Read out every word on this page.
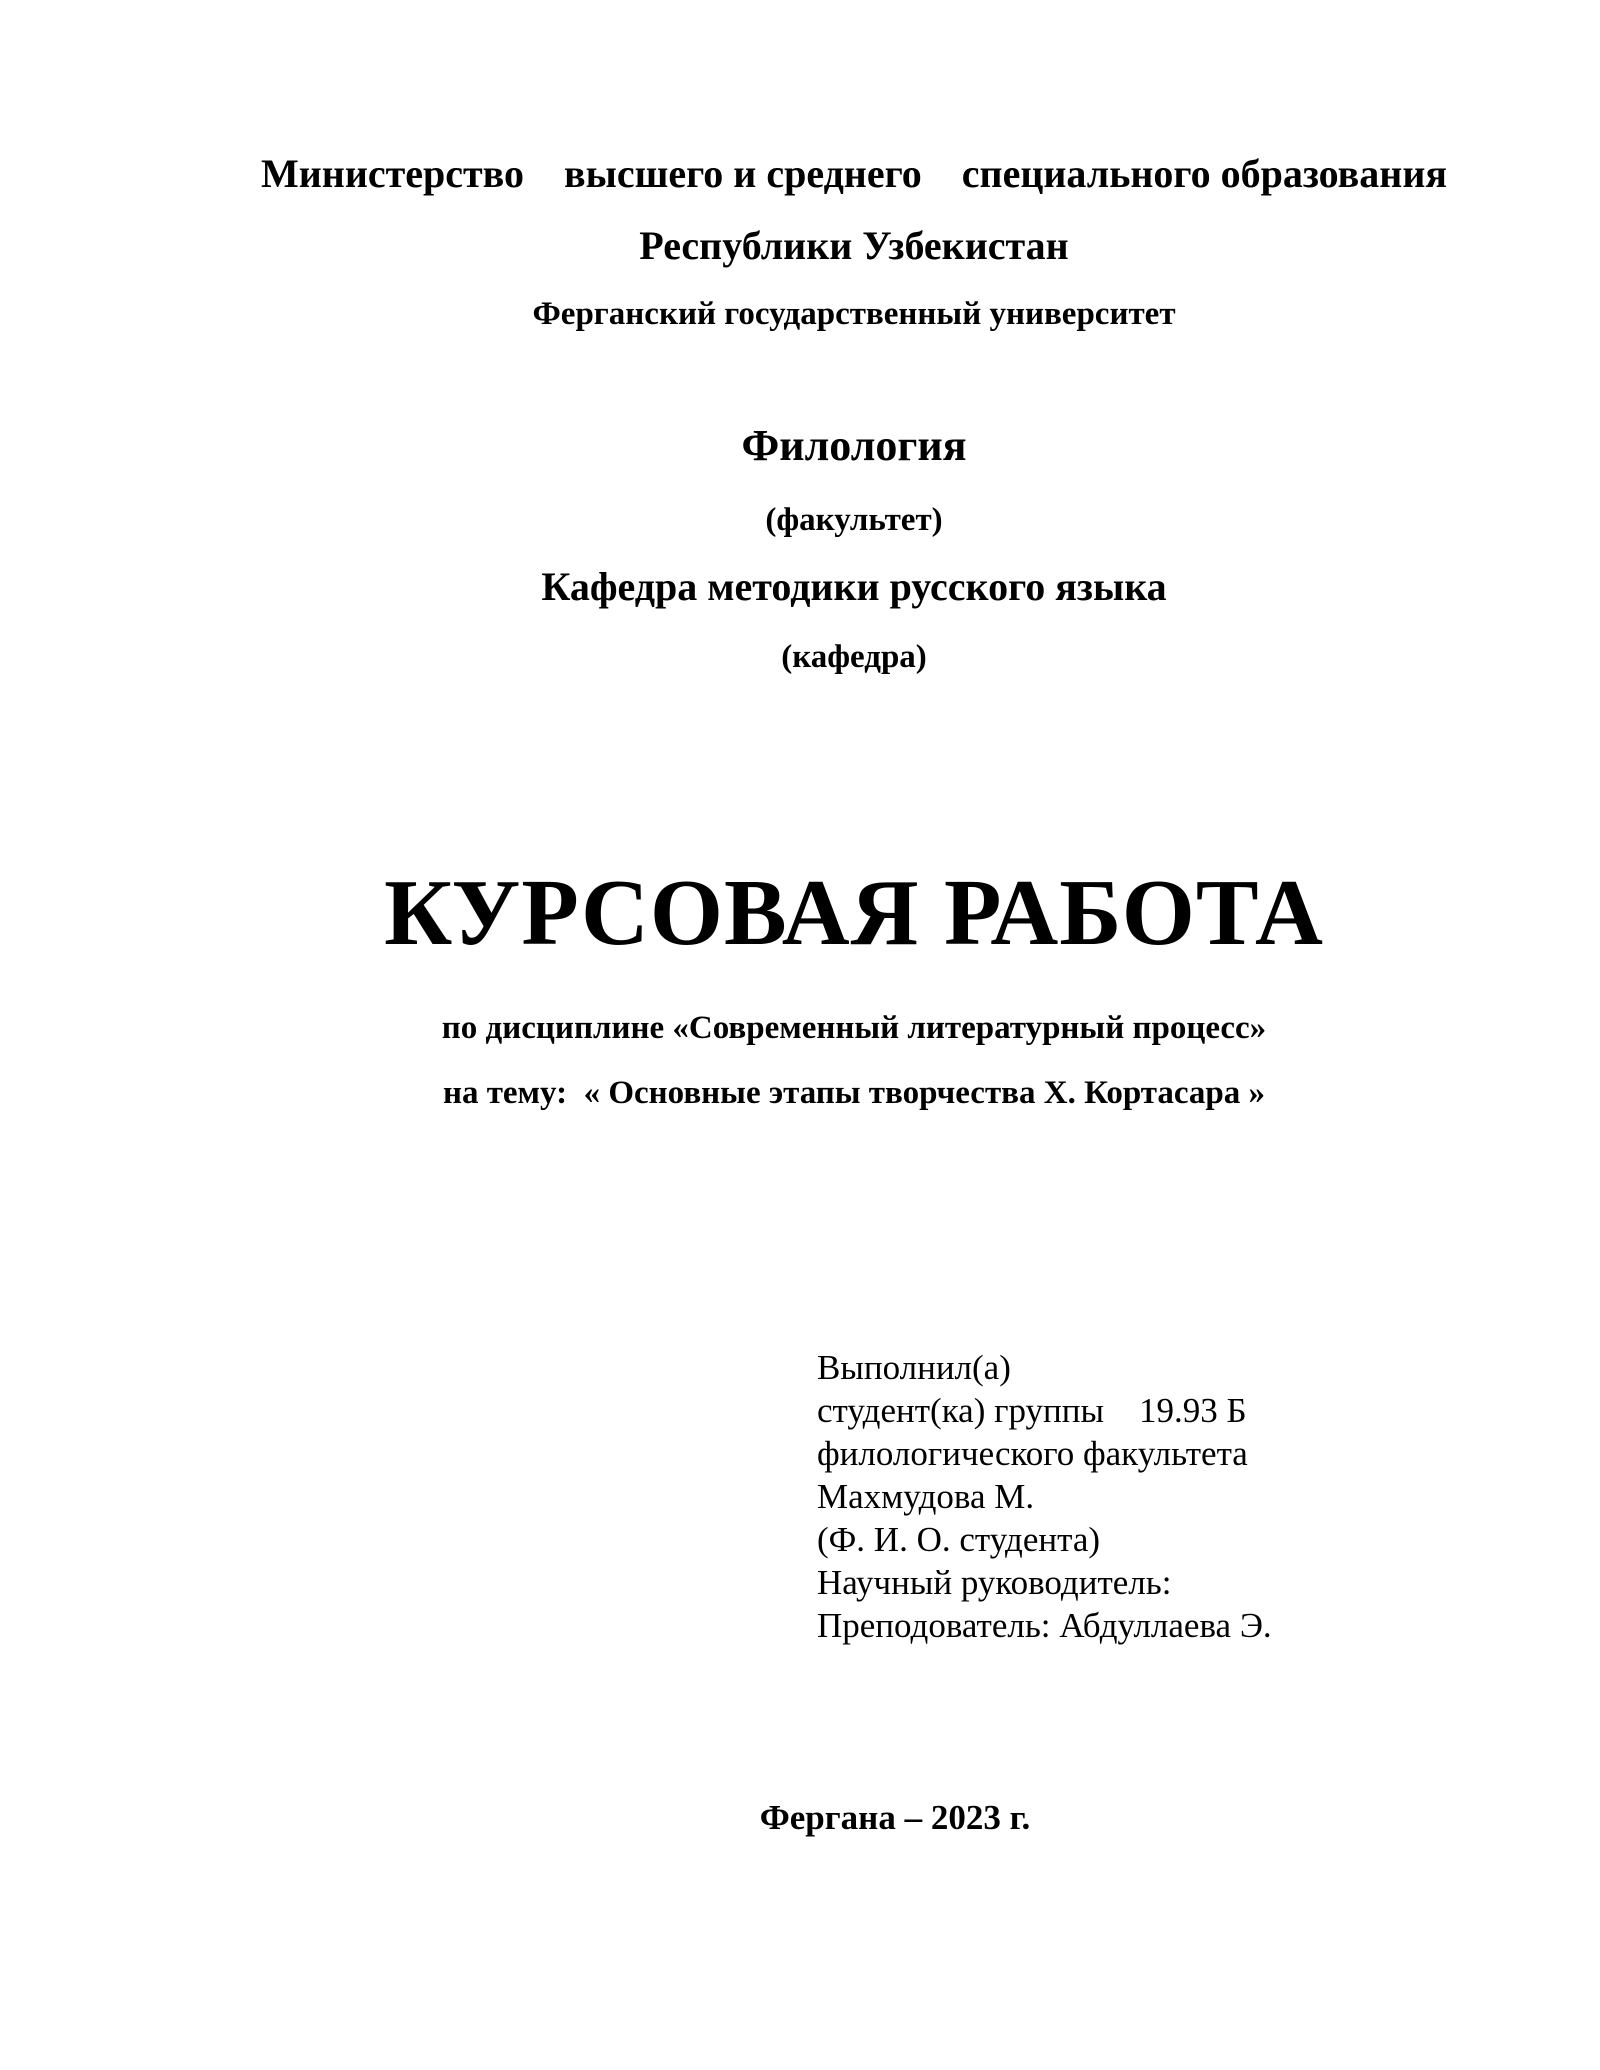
Министерство    высшего и среднего    специального образования
Республики Узбекистан
Ферганский государственный университет
Филология
(факультет)
Кафедра методики русского языка
(кафедра)
КУРСОВАЯ РАБОТА
по дисциплине «Современный литературный процесс»
на тему:  « Основные этапы творчества Х. Кортасара »
Выполнил(а)
студент(ка) группы    19.93 Б
филологического факультета
Махмудова М.
(Ф. И. О. студента)
Научный руководитель:
Преподователь: Абдуллаева Э.
Фергана – 2023 г.
